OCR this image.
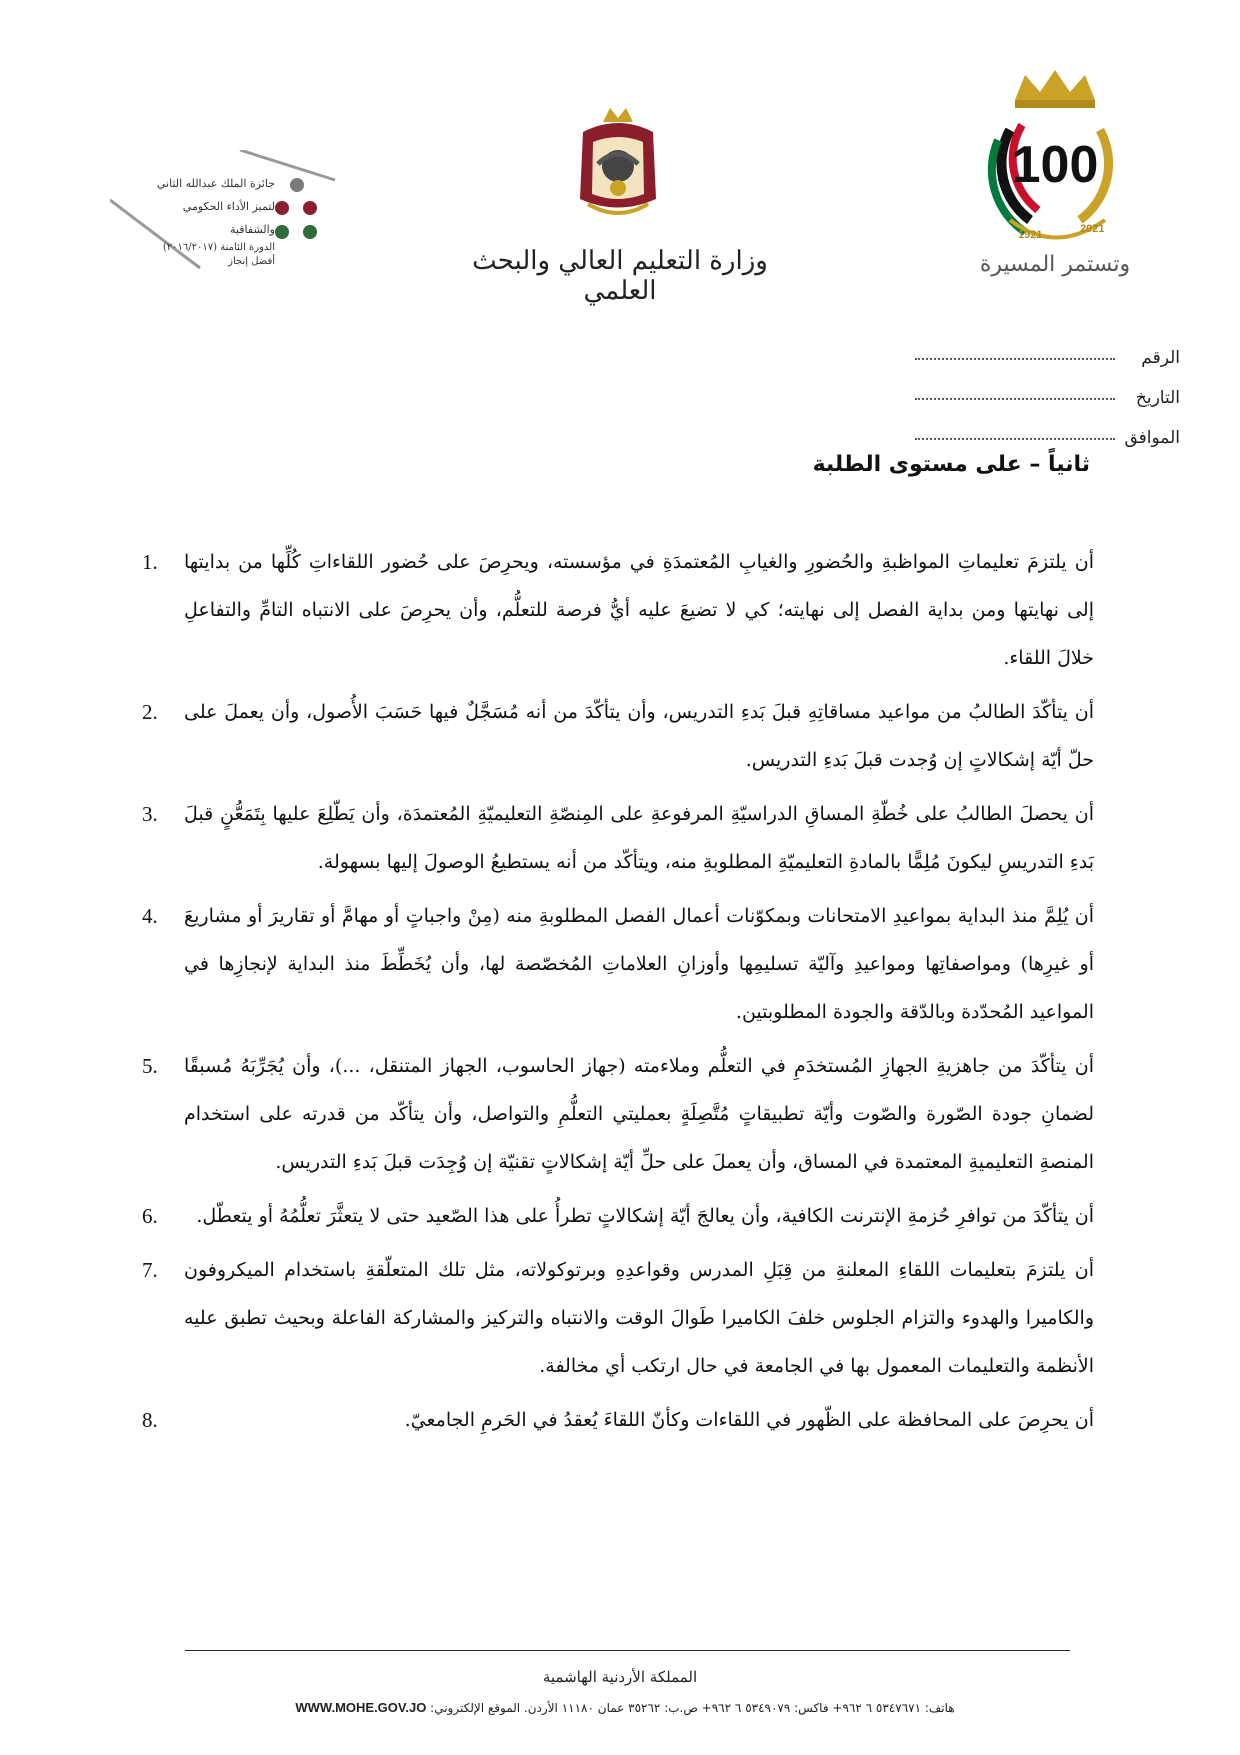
100
1921	2021
وتستمر المسيرة
وزارة التعليم العالي والبحث العلمي
جائزة الملك عبدالله الثاني
لتميز الأداء الحكومي والشفافية
الدورة الثامنة (٢٠١٦/٢٠١٧)
أفضل إنجاز
الرقم
التاريخ
الموافق
ثانياً – على مستوى الطلبة
أن يلتزمَ تعليماتِ المواظبةِ والحُضورِ والغيابِ المُعتمدَةِ في مؤسسته، ويحرِصَ على حُضور اللقاءاتِ كُلِّها من بدايتها إلى نهايتها ومن بداية الفصل إلى نهايته؛ كي لا تضيعَ عليه أيُّ فرصة للتعلُّم، وأن يحرِصَ على الانتباه التامِّ والتفاعلِ خلالَ اللقاء.
.1
أن يتأكّدَ الطالبُ من مواعيد مساقاتِهِ قبلَ بَدءِ التدريس، وأن يتأكّدَ من أنه مُسَجَّلٌ فيها حَسَبَ الأُصول، وأن يعملَ على حلّ أيّة إشكالاتٍ إن وُجدت قبلَ بَدءِ التدريس.
.2
أن يحصلَ الطالبُ على خُطّةِ المساقِ الدراسيّةِ المرفوعةِ على المِنصّةِ التعليميّةِ المُعتمدَة، وأن يَطّلِعَ عليها بِتَمَعُّنٍ قبلَ بَدءِ التدريسِ ليكونَ مُلِمًّا بالمادةِ التعليميّةِ المطلوبةِ منه، ويتأكّد من أنه يستطيعُ الوصولَ إليها بسهولة.
.3
أن يُلِمَّ منذ البداية بمواعيدِ الامتحانات وبمكوّنات أعمال الفصل المطلوبةِ منه (مِنْ واجباتٍ أو مهامَّ أو تقاريرَ أو مشاريعَ أو غيرِها) ومواصفاتِها ومواعيدِ وآليّة تسليمِها وأوزانِ العلاماتِ المُخصّصة لها، وأن يُخَطِّطَ منذ البداية لإنجازِها في المواعيد المُحدّدة وبالدّقة والجودة المطلوبتين.
.4
أن يتأكّدَ من جاهزيةِ الجهازِ المُستخدَمِ في التعلُّم وملاءمته (جهاز الحاسوب، الجهاز المتنقل، ...)، وأن يُجَرِّبَهُ مُسبقًا لضمانِ جودة الصّورة والصّوت وأيّة تطبيقاتٍ مُتَّصِلَةٍ بعمليتي التعلُّمِ والتواصل، وأن يتأكّد من قدرته على استخدام المنصةِ التعليميةِ المعتمدة في المساق، وأن يعملَ على حلِّ أيّة إشكالاتٍ تقنيّة إن وُجِدَت قبلَ بَدءِ التدريس.
.5
أن يتأكّدَ من توافرِ حُزمةِ الإنترنت الكافية، وأن يعالجَ أيّة إشكالاتٍ تطرأُ على هذا الصّعيد حتى لا يتعثَّرَ تعلُّمُهُ أو يتعطّل.
.6
أن يلتزمَ بتعليمات اللقاءِ المعلنةِ من قِبَلِ المدرس وقواعدِهِ وبرتوكولاته، مثل تلك المتعلّقةِ باستخدام الميكروفون والكاميرا والهدوء والتزام الجلوس خلفَ الكاميرا طَوالَ الوقت والانتباه والتركيز والمشاركة الفاعلة وبحيث تطبق عليه الأنظمة والتعليمات المعمول بها في الجامعة في حال ارتكب أي مخالفة.
.7
أن يحرِصَ على المحافظة على الظّهور في اللقاءات وكأنّ اللقاءَ يُعقدُ في الحَرمِ الجامعيّ.
.8
المملكة الأردنية الهاشمية
هاتف: ٥٣٤٧٦٧١ ٦ ٩٦٢+ فاكس: ٥٣٤٩٠٧٩ ٦ ٩٦٢+ ص.ب: ٣٥٢٦٢ عمان ١١١٨٠ الأردن. الموقع الإلكتروني: WWW.MOHE.GOV.JO
